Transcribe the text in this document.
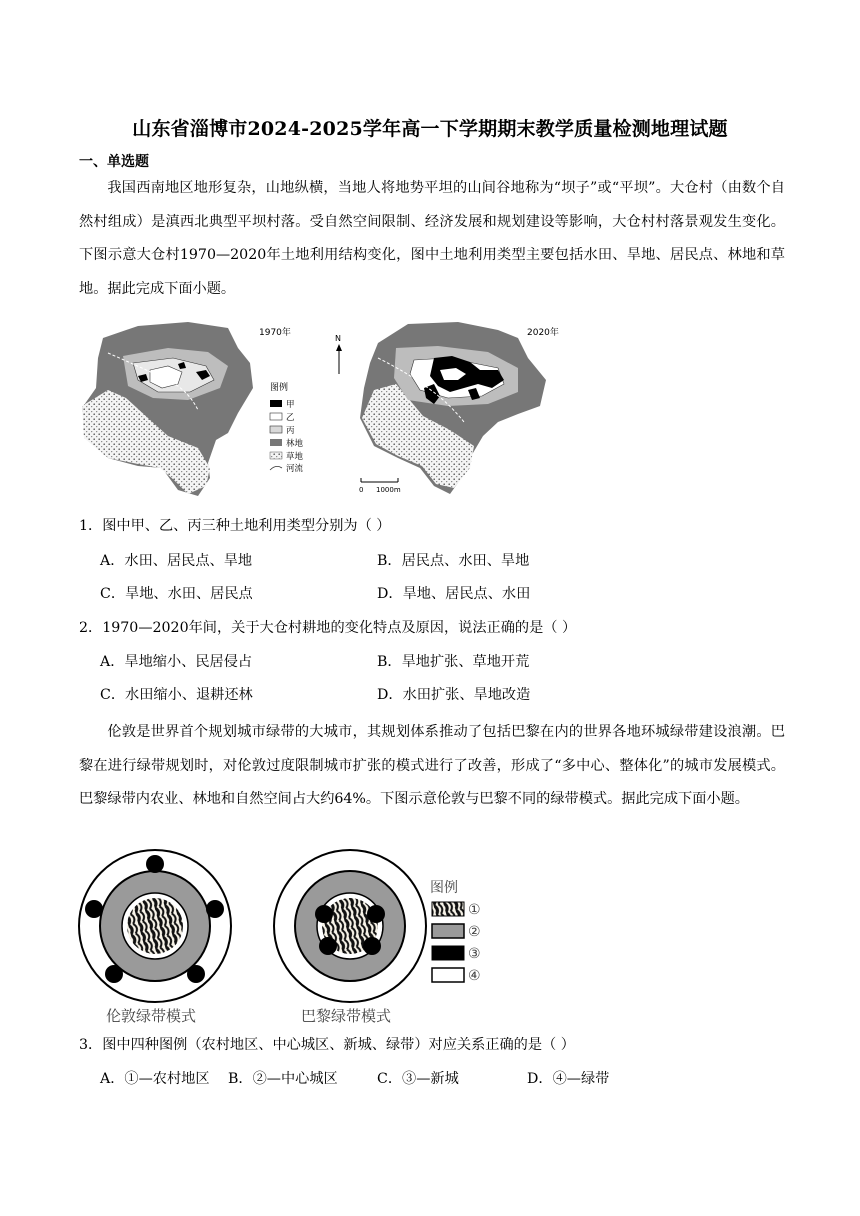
山东省淄博市2024-2025学年高一下学期期末教学质量检测地理试题
一、单选题
我国西南地区地形复杂，山地纵横，当地人将地势平坦的山间谷地称为“坝子”或“平坝”。大仓村（由数个自然村组成）是滇西北典型平坝村落。受自然空间限制、经济发展和规划建设等影响，大仓村村落景观发生变化。下图示意大仓村1970—2020年土地利用结构变化，图中土地利用类型主要包括水田、旱地、居民点、林地和草地。据此完成下面小题。
1970年
N
图例
甲
乙
丙
林地
草地
河流
2020年
0 1000m
1．图中甲、乙、丙三种土地利用类型分别为（ ）
A．水田、居民点、旱地	B．居民点、水田、旱地
C．旱地、水田、居民点	D．旱地、居民点、水田
2．1970—2020年间，关于大仓村耕地的变化特点及原因，说法正确的是（ ）
A．旱地缩小、民居侵占	B．旱地扩张、草地开荒
C．水田缩小、退耕还林	D．水田扩张、旱地改造
伦敦是世界首个规划城市绿带的大城市，其规划体系推动了包括巴黎在内的世界各地环城绿带建设浪潮。巴黎在进行绿带规划时，对伦敦过度限制城市扩张的模式进行了改善，形成了“多中心、整体化”的城市发展模式。巴黎绿带内农业、林地和自然空间占大约64%。下图示意伦敦与巴黎不同的绿带模式。据此完成下面小题。
伦敦绿带模式	巴黎绿带模式
图例
①
②
③
④
3．图中四种图例（农村地区、中心城区、新城、绿带）对应关系正确的是（ ）
A．①—农村地区 B．②—中心城区	C．③—新城	D．④—绿带
